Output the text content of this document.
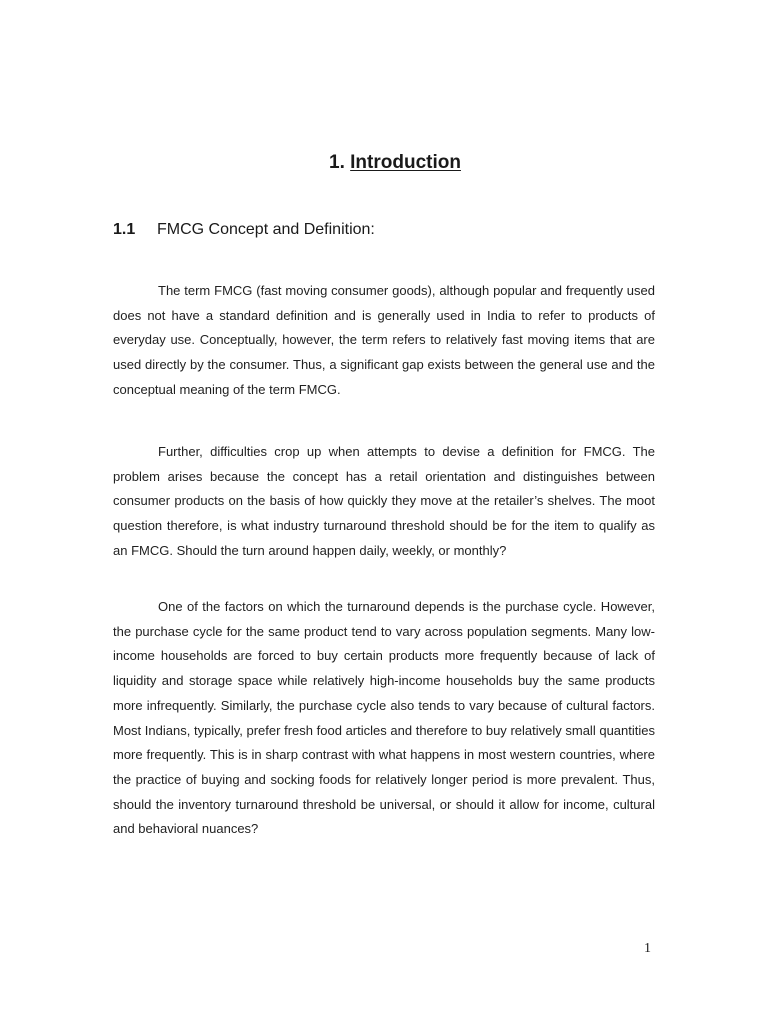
1. Introduction
1.1 FMCG Concept and Definition:

The term FMCG (fast moving consumer goods), although popular and frequently used does not have a standard definition and is generally used in India to refer to products of everyday use. Conceptually, however, the term refers to relatively fast moving items that are used directly by the consumer. Thus, a significant gap exists between the general use and the conceptual meaning of the term FMCG.

Further, difficulties crop up when attempts to devise a definition for FMCG. The problem arises because the concept has a retail orientation and distinguishes between consumer products on the basis of how quickly they move at the retailer’s shelves. The moot question therefore, is what industry turnaround threshold should be for the item to qualify as an FMCG. Should the turn around happen daily, weekly, or monthly?

One of the factors on which the turnaround depends is the purchase cycle. However, the purchase cycle for the same product tend to vary across population segments. Many low-income households are forced to buy certain products more frequently because of lack of liquidity and storage space while relatively high-income households buy the same products more infrequently. Similarly, the purchase cycle also tends to vary because of cultural factors. Most Indians, typically, prefer fresh food articles and therefore to buy relatively small quantities more frequently. This is in sharp contrast with what happens in most western countries, where the practice of buying and socking foods for relatively longer period is more prevalent. Thus, should the inventory turnaround threshold be universal, or should it allow for income, cultural and behavioral nuances?

1
